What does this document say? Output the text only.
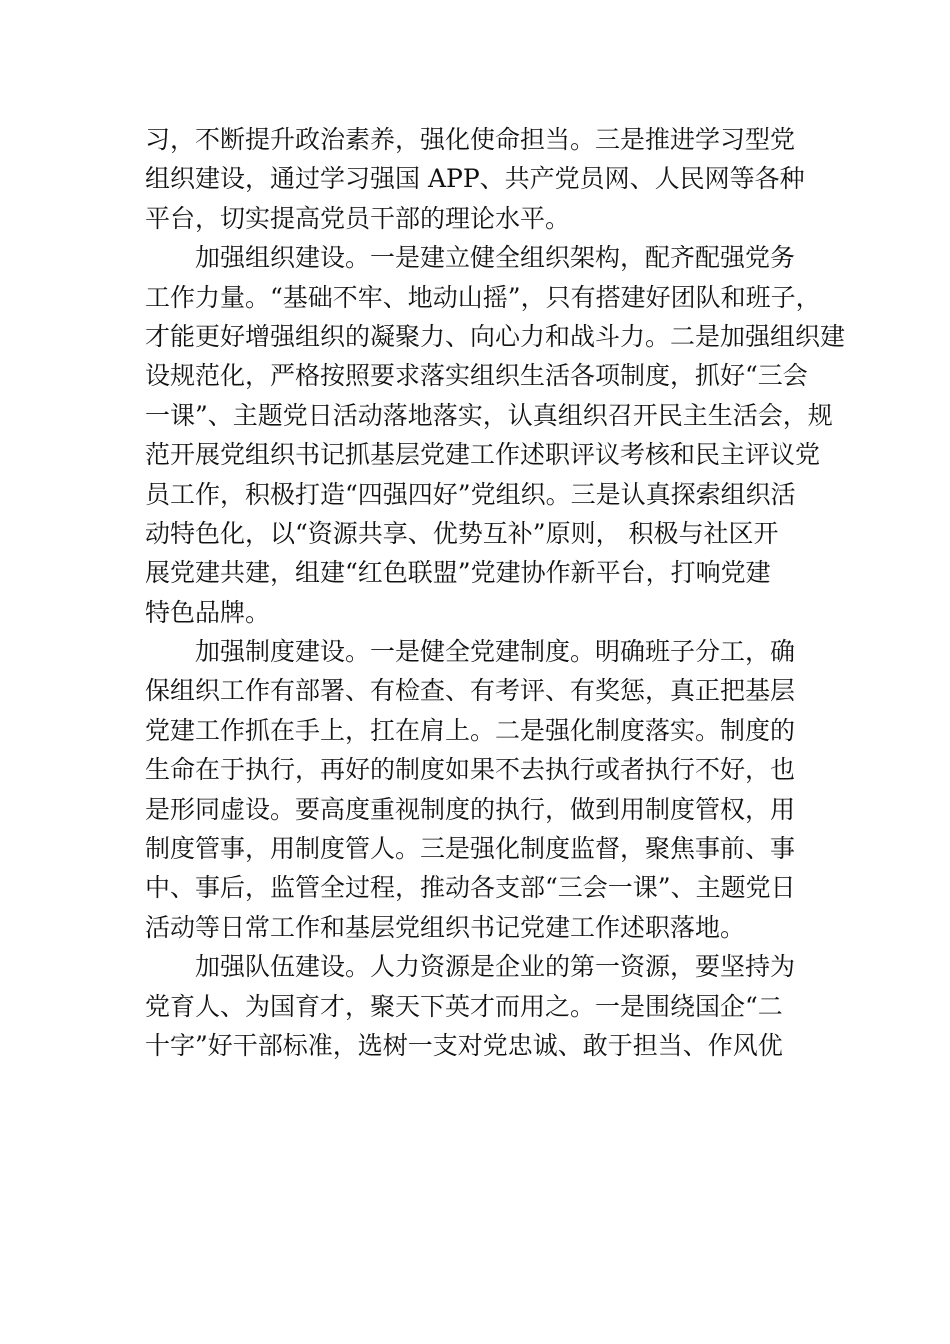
习，不断提升政治素养，强化使命担当。三是推进学习型党
组织建设，通过学习强国 APP、共产党员网、人民网等各种
平台，切实提高党员干部的理论水平。
加强组织建设。一是建立健全组织架构，配齐配强党务
工作力量。“基础不牢、地动山摇”，只有搭建好团队和班子，
才能更好增强组织的凝聚力、向心力和战斗力。二是加强组织建
设规范化，严格按照要求落实组织生活各项制度，抓好“三会
一课”、主题党日活动落地落实，认真组织召开民主生活会，规
范开展党组织书记抓基层党建工作述职评议考核和民主评议党
员工作，积极打造“四强四好”党组织。三是认真探索组织活
动特色化，以“资源共享、优势互补”原则， 积极与社区开
展党建共建，组建“红色联盟”党建协作新平台，打响党建
特色品牌。
加强制度建设。一是健全党建制度。明确班子分工，确
保组织工作有部署、有检查、有考评、有奖惩，真正把基层
党建工作抓在手上，扛在肩上。二是强化制度落实。制度的
生命在于执行，再好的制度如果不去执行或者执行不好，也
是形同虚设。要高度重视制度的执行，做到用制度管权，用
制度管事，用制度管人。三是强化制度监督，聚焦事前、事
中、事后，监管全过程，推动各支部“三会一课”、主题党日
活动等日常工作和基层党组织书记党建工作述职落地。
加强队伍建设。人力资源是企业的第一资源，要坚持为
党育人、为国育才，聚天下英才而用之。一是围绕国企“二
十字”好干部标准，选树一支对党忠诚、敢于担当、作风优
